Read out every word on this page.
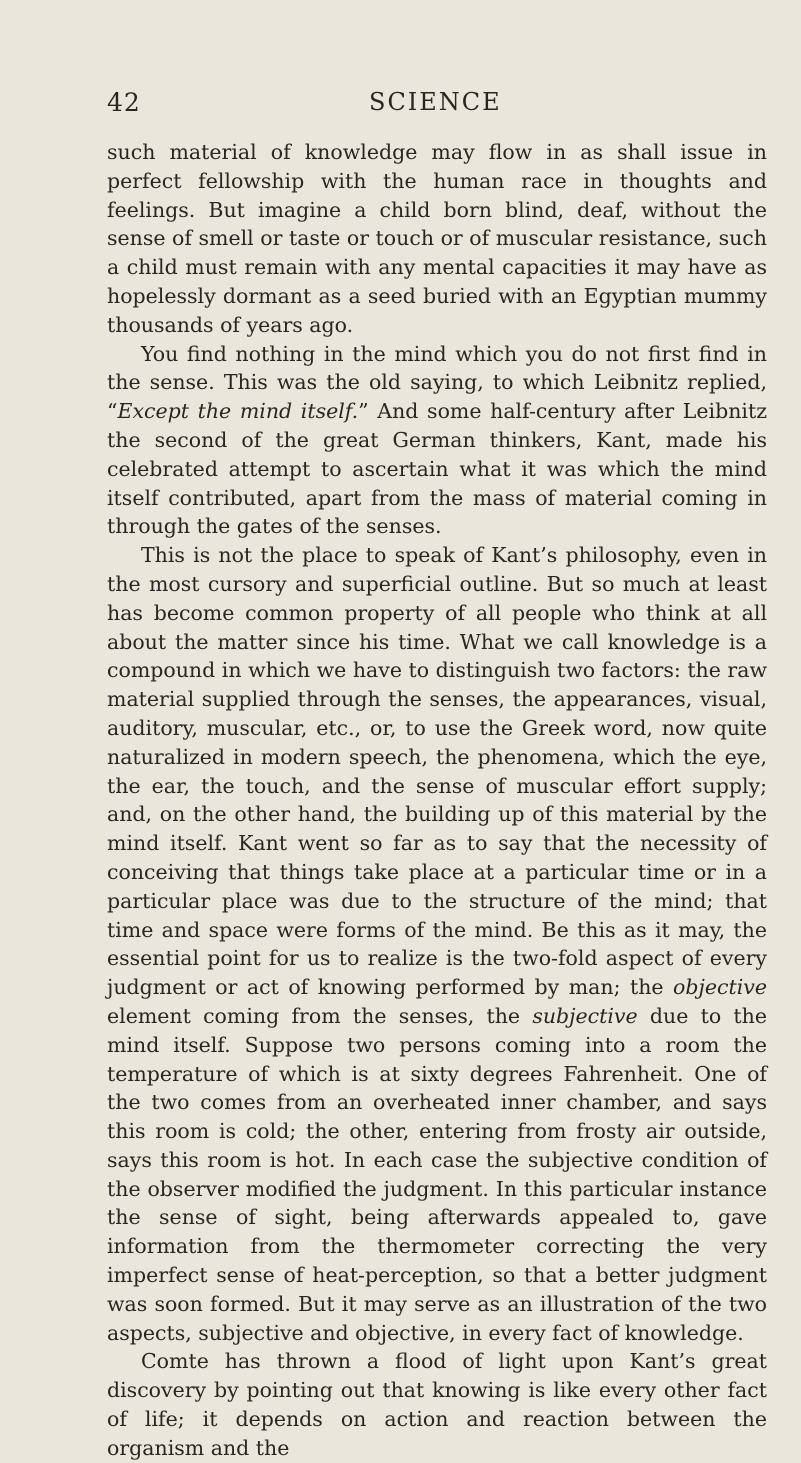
42	SCIENCE

such material of knowledge may flow in as shall issue in perfect fellowship with the human race in thoughts and feelings. But imagine a child born blind, deaf, without the sense of smell or taste or touch or of muscular resistance, such a child must remain with any mental capacities it may have as hopelessly dormant as a seed buried with an Egyptian mummy thousands of years ago.

You find nothing in the mind which you do not first find in the sense. This was the old saying, to which Leibnitz replied, “Except the mind itself.” And some half-century after Leibnitz the second of the great German thinkers, Kant, made his celebrated attempt to ascertain what it was which the mind itself contributed, apart from the mass of material coming in through the gates of the senses.

This is not the place to speak of Kant’s philosophy, even in the most cursory and superficial outline. But so much at least has become common property of all people who think at all about the matter since his time. What we call knowledge is a compound in which we have to distinguish two factors: the raw material supplied through the senses, the appearances, visual, auditory, muscular, etc., or, to use the Greek word, now quite naturalized in modern speech, the phenomena, which the eye, the ear, the touch, and the sense of muscular effort supply; and, on the other hand, the building up of this material by the mind itself. Kant went so far as to say that the necessity of conceiving that things take place at a particular time or in a particular place was due to the structure of the mind; that time and space were forms of the mind. Be this as it may, the essential point for us to realize is the two-fold aspect of every judgment or act of knowing performed by man; the objective element coming from the senses, the subjective due to the mind itself. Suppose two persons coming into a room the temperature of which is at sixty degrees Fahrenheit. One of the two comes from an overheated inner chamber, and says this room is cold; the other, entering from frosty air outside, says this room is hot. In each case the subjective condition of the observer modified the judgment. In this particular instance the sense of sight, being afterwards appealed to, gave information from the thermometer correcting the very imperfect sense of heat-perception, so that a better judgment was soon formed. But it may serve as an illustration of the two aspects, subjective and objective, in every fact of knowledge.

Comte has thrown a flood of light upon Kant’s great discovery by pointing out that knowing is like every other fact of life; it depends on action and reaction between the organism and the
